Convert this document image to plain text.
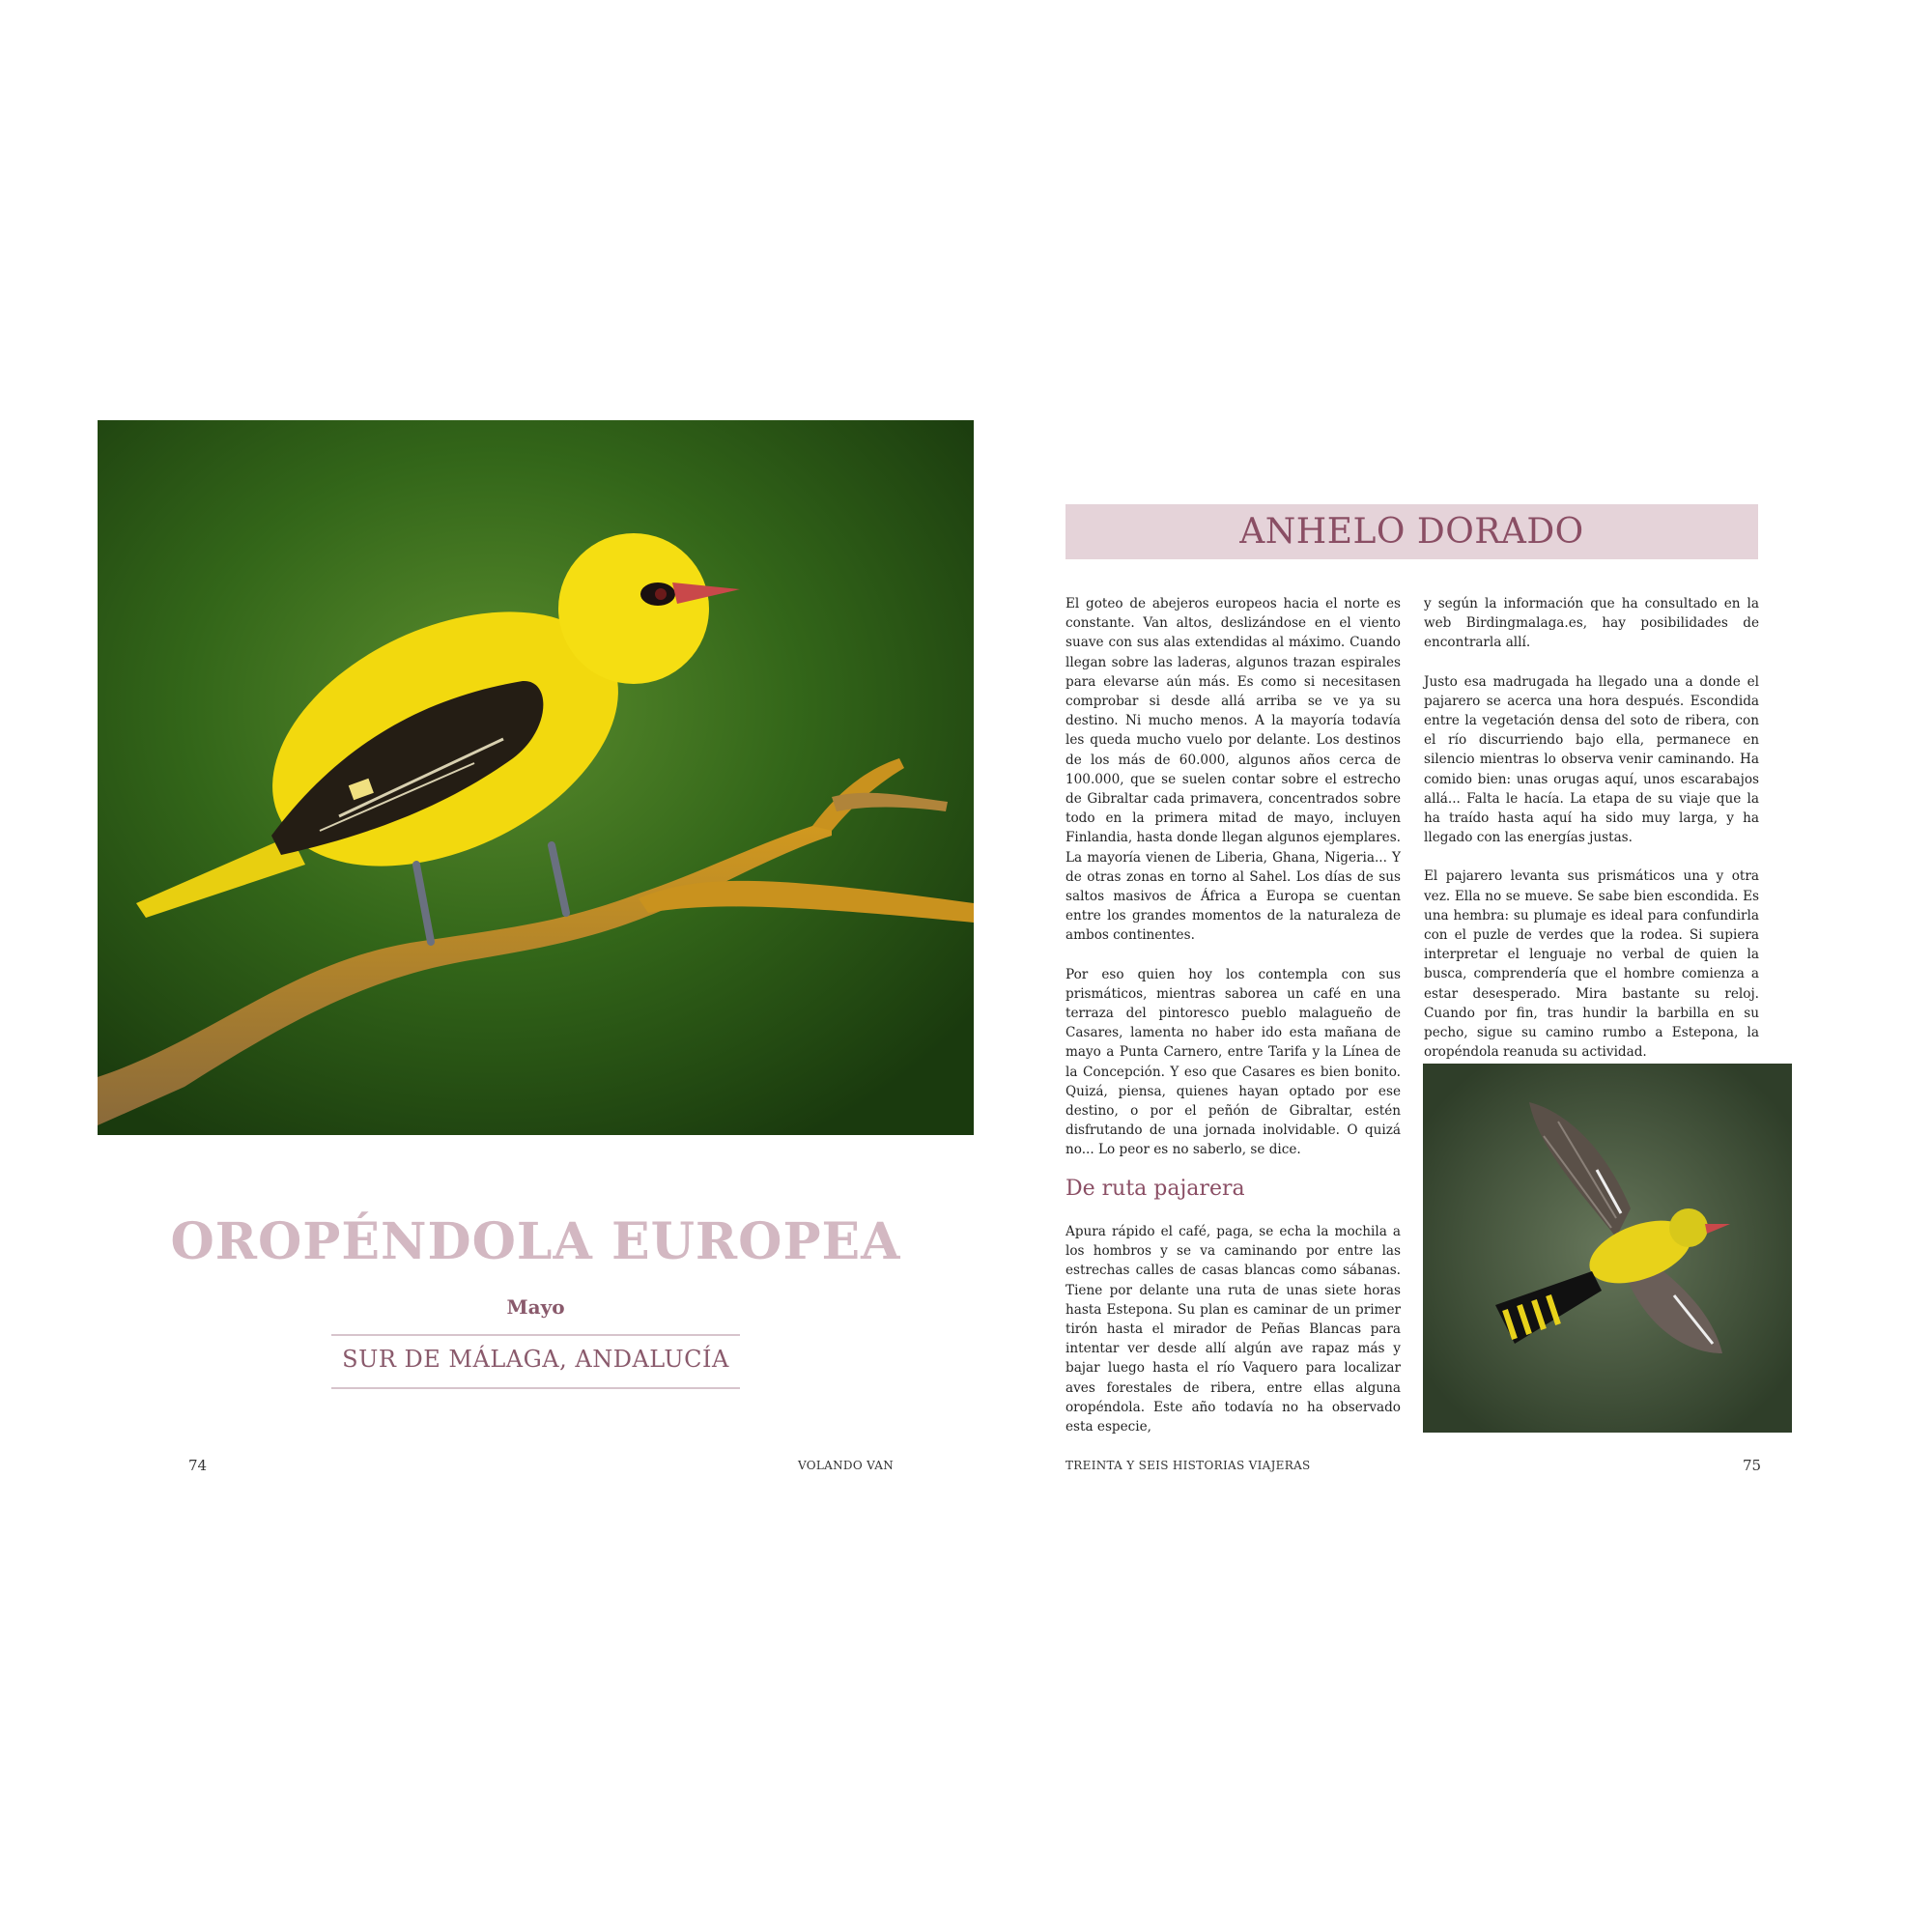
OROPÉNDOLA EUROPEA
Mayo
SUR DE MÁLAGA, ANDALUCÍA
74	VOLANDO VAN
ANHELO DORADO

El goteo de abejeros europeos hacia el norte es constante. Van altos, deslizándose en el viento suave con sus alas extendidas al máximo. Cuando llegan sobre las laderas, algunos trazan espirales para elevarse aún más. Es como si necesitasen comprobar si desde allá arriba se ve ya su destino. Ni mucho menos. A la mayoría todavía les queda mucho vuelo por delante. Los destinos de los más de 60.000, algunos años cerca de 100.000, que se suelen contar sobre el estrecho de Gibraltar cada primavera, concentrados sobre todo en la primera mitad de mayo, incluyen Finlandia, hasta donde llegan algunos ejemplares. La mayoría vienen de Liberia, Ghana, Nigeria... Y de otras zonas en torno al Sahel. Los días de sus saltos masivos de África a Europa se cuentan entre los grandes momentos de la naturaleza de ambos continentes.

Por eso quien hoy los contempla con sus prismáticos, mientras saborea un café en una terraza del pintoresco pueblo malagueño de Casares, lamenta no haber ido esta mañana de mayo a Punta Carnero, entre Tarifa y la Línea de la Concepción. Y eso que Casares es bien bonito. Quizá, piensa, quienes hayan optado por ese destino, o por el peñón de Gibraltar, estén disfrutando de una jornada inolvidable. O quizá no... Lo peor es no saberlo, se dice.

De ruta pajarera

Apura rápido el café, paga, se echa la mochila a los hombros y se va caminando por entre las estrechas calles de casas blancas como sábanas. Tiene por delante una ruta de unas siete horas hasta Estepona. Su plan es caminar de un primer tirón hasta el mirador de Peñas Blancas para intentar ver desde allí algún ave rapaz más y bajar luego hasta el río Vaquero para localizar aves forestales de ribera, entre ellas alguna oropéndola. Este año todavía no ha observado esta especie,

y según la información que ha consultado en la web Birdingmalaga.es, hay posibilidades de encontrarla allí.

Justo esa madrugada ha llegado una a donde el pajarero se acerca una hora después. Escondida entre la vegetación densa del soto de ribera, con el río discurriendo bajo ella, permanece en silencio mientras lo observa venir caminando. Ha comido bien: unas orugas aquí, unos escarabajos allá... Falta le hacía. La etapa de su viaje que la ha traído hasta aquí ha sido muy larga, y ha llegado con las energías justas.

El pajarero levanta sus prismáticos una y otra vez. Ella no se mueve. Se sabe bien escondida. Es una hembra: su plumaje es ideal para confundirla con el puzle de verdes que la rodea. Si supiera interpretar el lenguaje no verbal de quien la busca, comprendería que el hombre comienza a estar desesperado. Mira bastante su reloj. Cuando por fin, tras hundir la barbilla en su pecho, sigue su camino rumbo a Estepona, la oropéndola reanuda su actividad.

TREINTA Y SEIS HISTORIAS VIAJERAS	75
